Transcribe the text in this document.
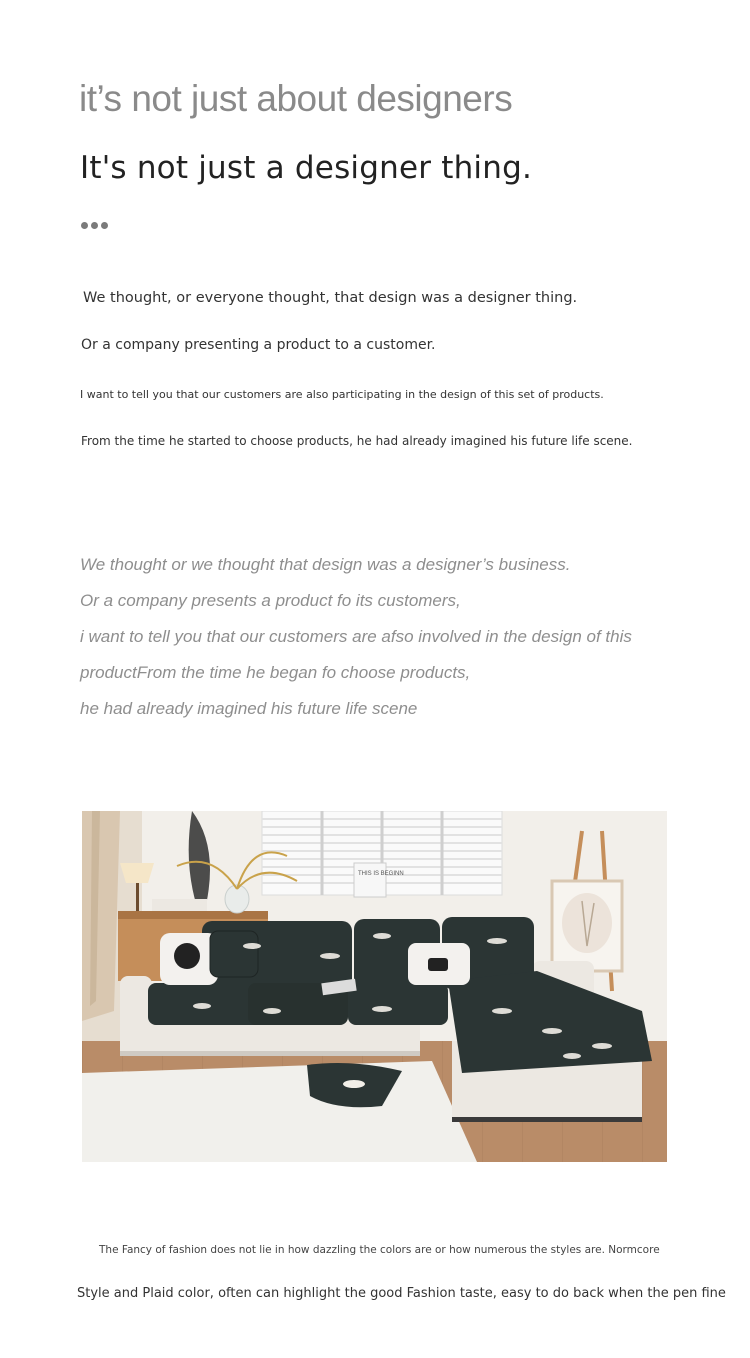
it’s not just about designers
It's not just a designer thing.
We thought, or everyone thought, that design was a designer thing.
Or a company presenting a product to a customer.
I want to tell you that our customers are also participating in the design of this set of products.
From the time he started to choose products, he had already imagined his future life scene.
We thought or we thought that design was a designer’s business.
Or a company presents a product fo its customers,
i want to tell you that our customers are afso involved in the design of this
productFrom the time he began fo choose products,
he had already imagined his future life scene
THIS IS BEGINN
The Fancy of fashion does not lie in how dazzling the colors are or how numerous the styles are. Normcore
Style and Plaid color, often can highlight the good Fashion taste, easy to do back when the pen fine
